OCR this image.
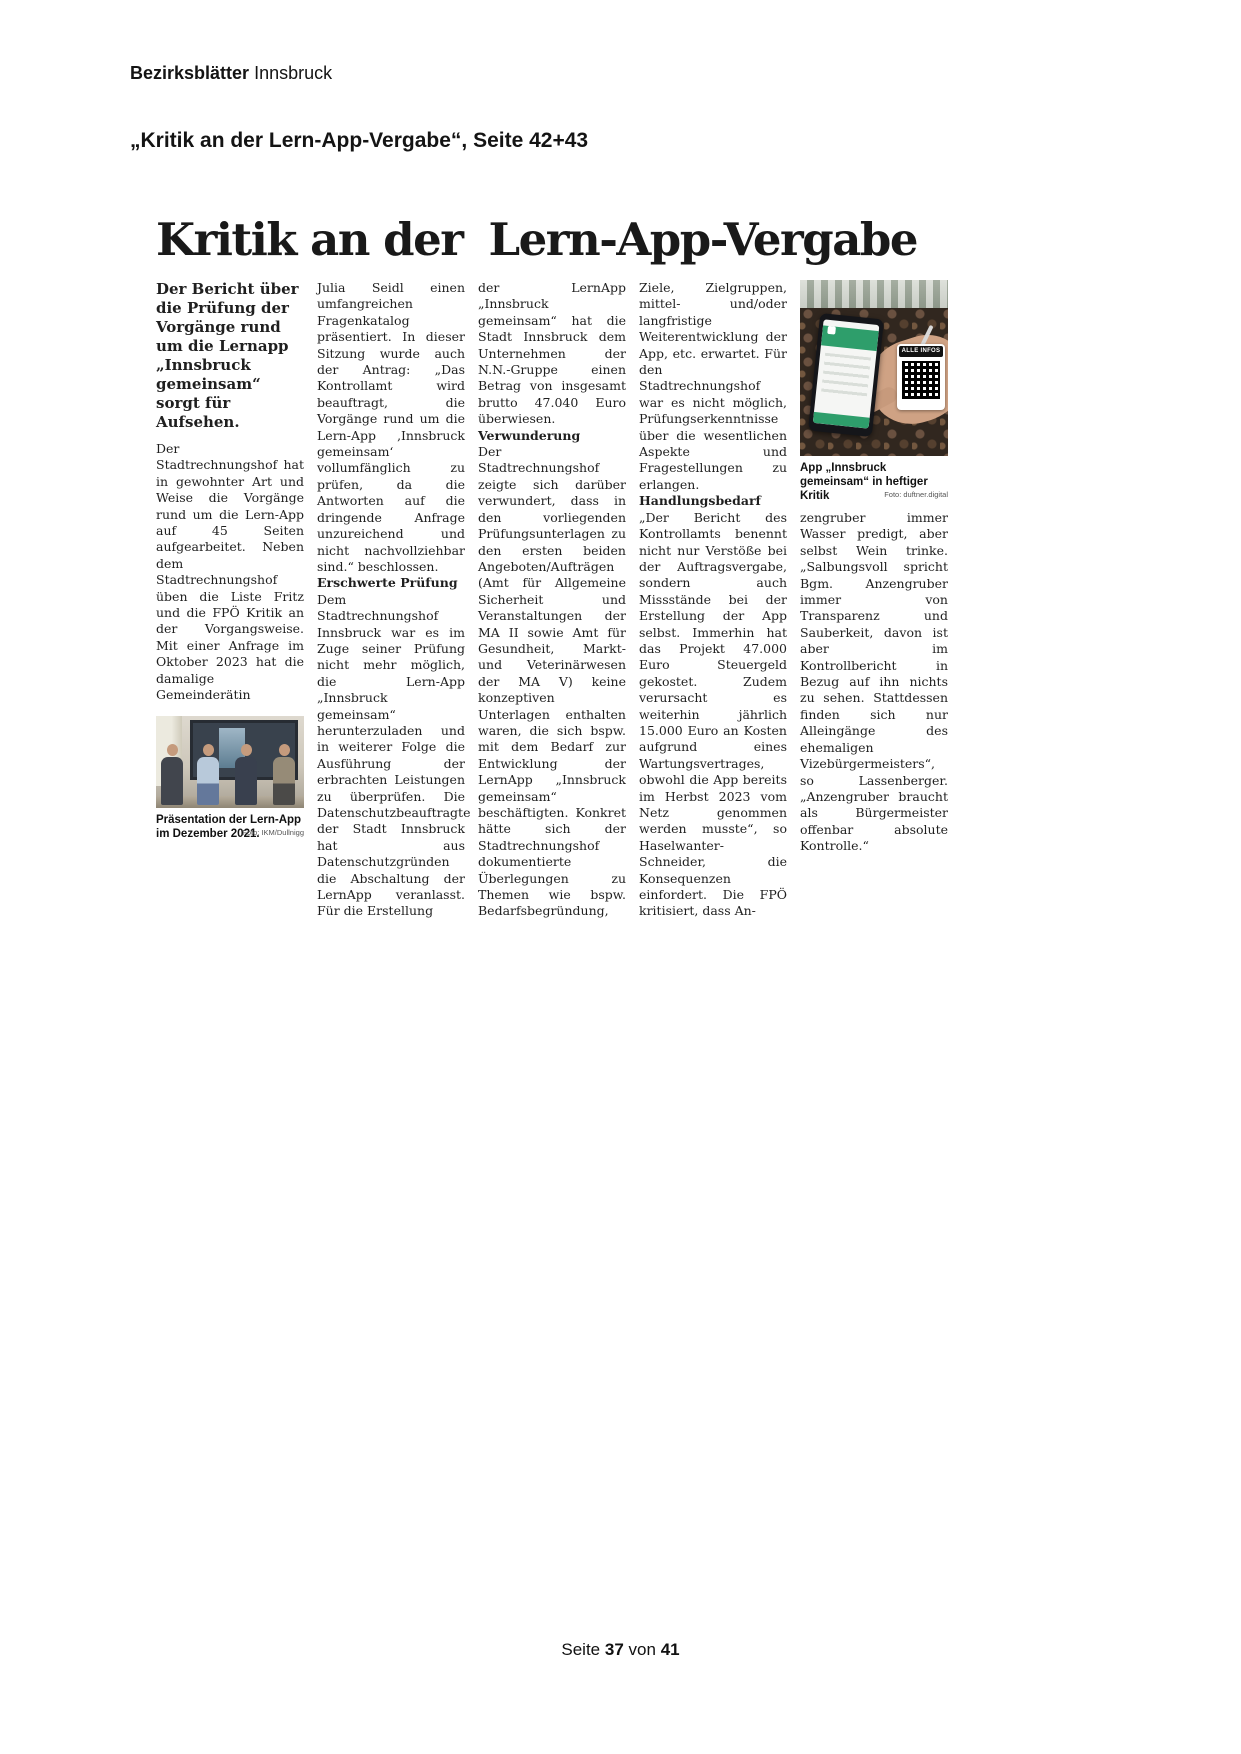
Bezirksblätter Innsbruck
„Kritik an der Lern-App-Vergabe“, Seite 42+43
Kritik an der Lern-App-Vergabe

Der Bericht über die Prüfung der Vorgänge rund um die Lernapp „Innsbruck gemeinsam“ sorgt für Aufsehen.

Der Stadtrechnungshof hat in gewohnter Art und Weise die Vorgänge rund um die Lern-App auf 45 Seiten aufgearbeitet. Neben dem Stadtrechnungshof üben die Liste Fritz und die FPÖ Kritik an der Vorgangsweise. Mit einer Anfrage im Oktober 2023 hat die damalige Gemeinderätin

Präsentation der Lern-App im Dezember 2021.
Foto: IKM/Dullnigg

Julia Seidl einen umfangreichen Fragenkatalog präsentiert. In dieser Sitzung wurde auch der Antrag: „Das Kontrollamt wird beauftragt, die Vorgänge rund um die Lern-App ‚Innsbruck gemeinsam‘ vollumfänglich zu prüfen, da die Antworten auf die dringende Anfrage unzureichend und nicht nachvollziehbar sind.“ beschlossen.

Erschwerte Prüfung

Dem Stadtrechnungshof Innsbruck war es im Zuge seiner Prüfung nicht mehr möglich, die Lern-App „Innsbruck gemeinsam“ herunterzuladen und in weiterer Folge die Ausführung der erbrachten Leistungen zu überprüfen. Die Datenschutzbeauftragte der Stadt Innsbruck hat aus Datenschutzgründen die Abschaltung der LernApp veranlasst. Für die Erstellung

der LernApp „Innsbruck gemeinsam“ hat die Stadt Innsbruck dem Unternehmen der N.N.-Gruppe einen Betrag von insgesamt brutto 47.040 Euro überwiesen.

Verwunderung

Der Stadtrechnungshof zeigte sich darüber verwundert, dass in den vorliegenden Prüfungsunterlagen zu den ersten beiden Angeboten/Aufträgen (Amt für Allgemeine Sicherheit und Veranstaltungen der MA II sowie Amt für Gesundheit, Markt- und Veterinärwesen der MA V) keine konzeptiven Unterlagen enthalten waren, die sich bspw. mit dem Bedarf zur Entwicklung der LernApp „Innsbruck gemeinsam“ beschäftigten. Konkret hätte sich der Stadtrechnungshof dokumentierte Überlegungen zu Themen wie bspw. Bedarfsbegründung,

Ziele, Zielgruppen, mittel- und/oder langfristige Weiterentwicklung der App, etc. erwartet. Für den Stadtrechnungshof war es nicht möglich, Prüfungserkenntnisse über die wesentlichen Aspekte und Fragestellungen zu erlangen.

Handlungsbedarf

„Der Bericht des Kontrollamts benennt nicht nur Verstöße bei der Auftragsvergabe, sondern auch Missstände bei der Erstellung der App selbst. Immerhin hat das Projekt 47.000 Euro Steuergeld gekostet. Zudem verursacht es weiterhin jährlich 15.000 Euro an Kosten aufgrund eines Wartungsvertrages, obwohl die App bereits im Herbst 2023 vom Netz genommen werden musste“, so Haselwanter-Schneider, die Konsequenzen einfordert. Die FPÖ kritisiert, dass An-

ALLE INFOS
App „Innsbruck gemeinsam“ in heftiger Kritik	Foto: duftner.digital

zengruber immer Wasser predigt, aber selbst Wein trinke. „Salbungsvoll spricht Bgm. Anzengruber immer von Transparenz und Sauberkeit, davon ist aber im Kontrollbericht in Bezug auf ihn nichts zu sehen. Stattdessen finden sich nur Alleingänge des ehemaligen Vizebürgermeisters“, so Lassenberger. „Anzengruber braucht als Bürgermeister offenbar absolute Kontrolle.“

Seite 37 von 41
